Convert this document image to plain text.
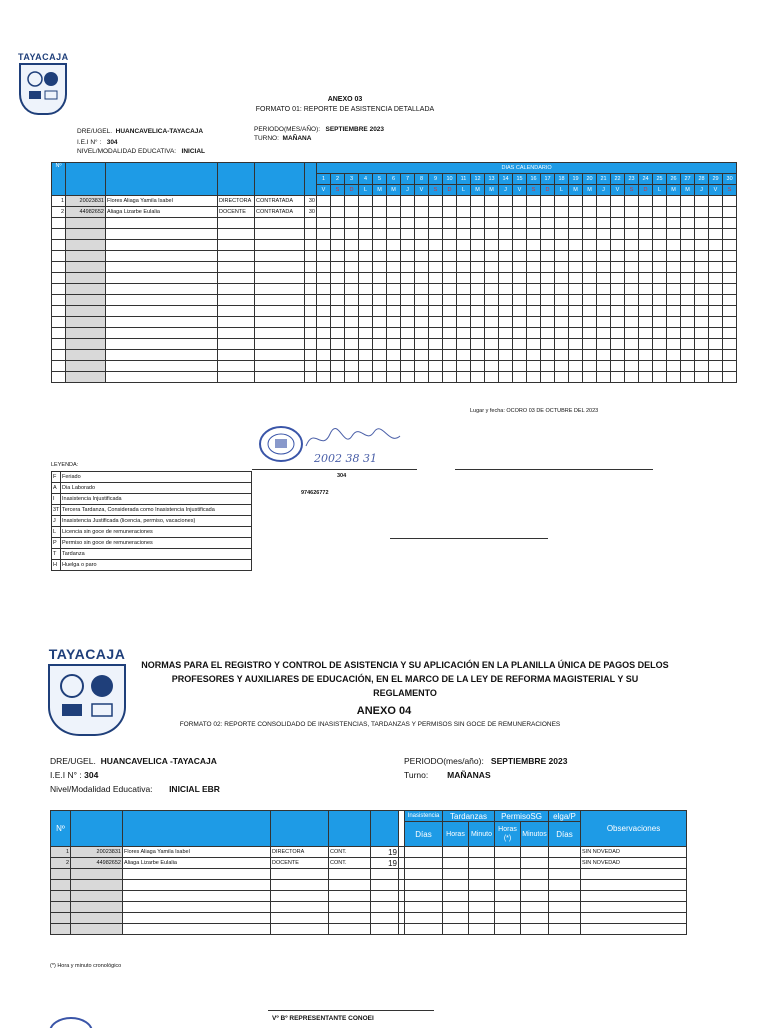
TAYACAJA
ANEXO 03
FORMATO 01: REPORTE DE ASISTENCIA DETALLADA
DRE/UGEL. HUANCAVELICA-TAYACAJA
I.E.I N° : 304
NIVEL/MODALIDAD EDUCATIVA: INICIAL
PERIODO(MES/AÑO): SEPTIEMBRE 2023
TURNO: MAÑANA
Nº						DIAS CALENDARIO																													
						1	2	3	4	5	6	7	8	9	10	11	12	13	14	15	16	17	18	19	20	21	22	23	24	25	26	27	28	29	30
						V	S	D	L	M	M	J	V	S	D	L	M	M	J	V	S	D	L	M	M	J	V	S	D	L	M	M	J	V	S
1	20023831	Flores Aliaga Yamila Isabel	DIRECTORA	CONTRATADA	30																														
2	44982652	Aliaga Lizarbe Eulalia	DOCENTE	CONTRATADA	30																														

Lugar y fecha: OCORO 03 DE OCTUBRE DEL 2023
2002 38 31
304
974626772
LEYENDA:
F	Feriado
A	Dia Laborado
I	Inasistencia Injustificada
3T	Tercera Tardanza, Considerada como Inasistencia Injustificada
J	Inasistencia Justificada (licencia, permiso, vacaciones)
L	Licencia sin goce de remuneraciones
P	Permiso sin goce de remuneraciones
T	Tardanza
H	Huelga o paro
TAYACAJA
NORMAS PARA EL REGISTRO Y CONTROL DE ASISTENCIA Y SU APLICACIÓN EN LA PLANILLA ÚNICA DE PAGOS DELOS PROFESORES Y AUXILIARES DE EDUCACIÓN, EN EL MARCO DE LA LEY DE REFORMA MAGISTERIAL Y SU REGLAMENTO
ANEXO 04
FORMATO 02: REPORTE CONSOLIDADO DE INASISTENCIAS, TARDANZAS Y PERMISOS SIN GOCE DE REMUNERACIONES
DRE/UGEL. HUANCAVELICA -TAYACAJA
I.E.I N° : 304
Nivel/Modalidad Educativa: INICIAL EBR
PERIODO(mes/año): SEPTIEMBRE 2023
Turno: MAÑANAS
Nº							Inasistencia	Tardanzas		PermisoSG		elga/P	Observaciones
							Días	Horas	Minuto	Horas (*)	Minutos	Días	
1	20023831	Flores Aliaga Yamila Isabel	DIRECTORA	CONT.	19								SIN NOVEDAD
2	44982652	Aliaga Lizarbe Eulalia	DOCENTE	CONT.	19								SIN NOVEDAD

(*) Hora y minuto cronológico
Vº Bº REPRESENTANTE CONOEI
